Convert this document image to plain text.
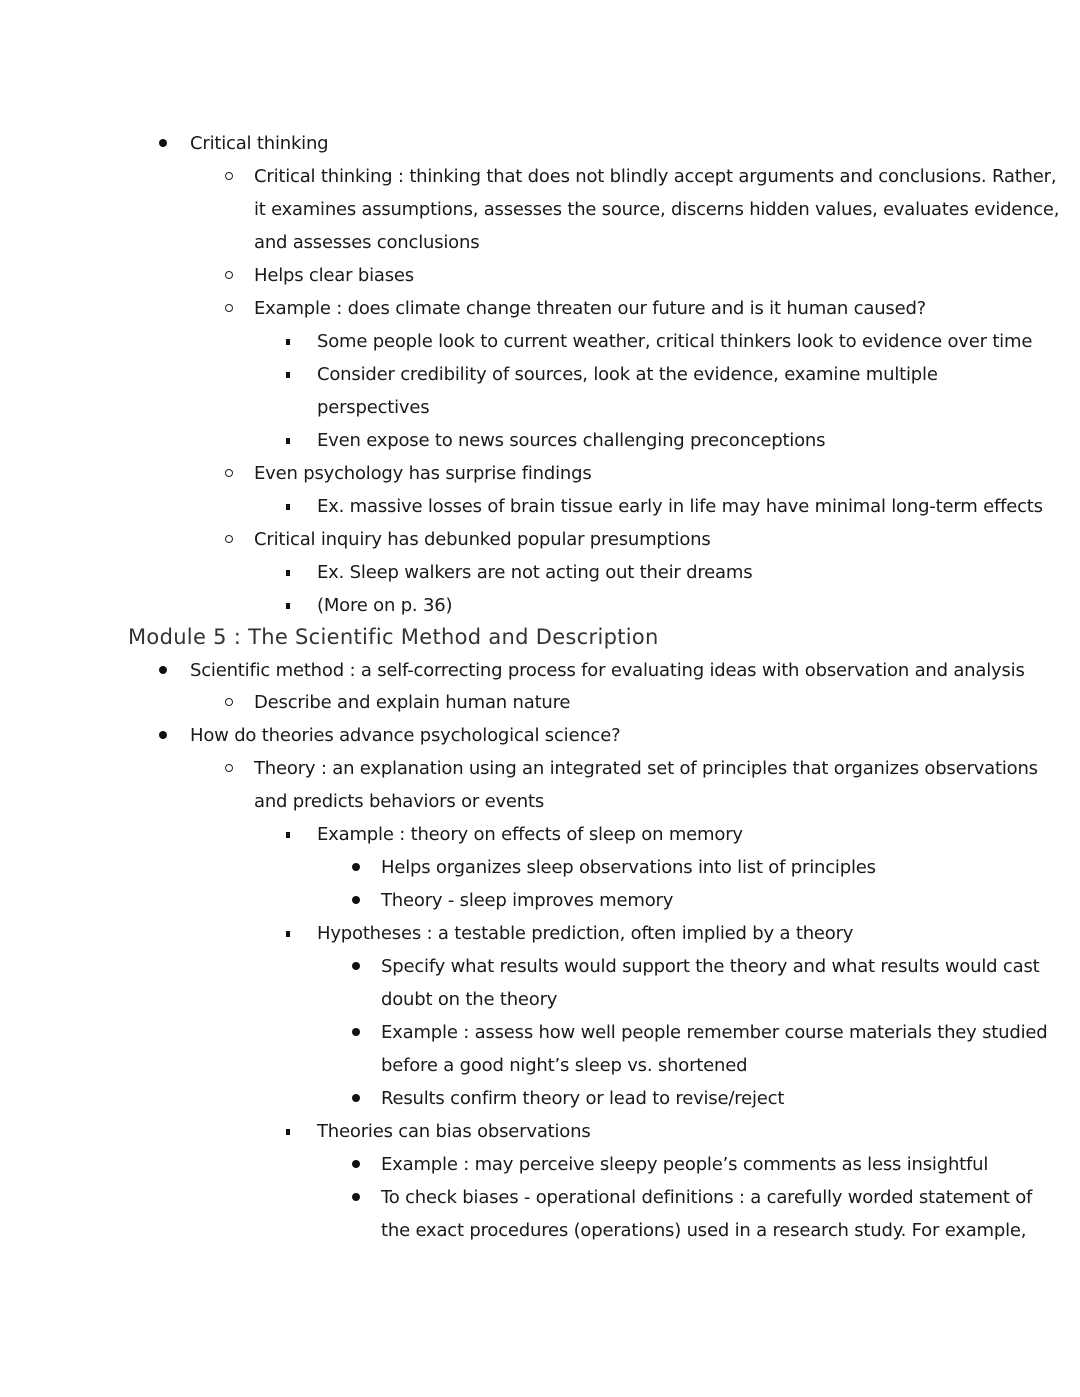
Critical thinking
Critical thinking : thinking that does not blindly accept arguments and conclusions. Rather,
it examines assumptions, assesses the source, discerns hidden values, evaluates evidence,
and assesses conclusions
Helps clear biases
Example : does climate change threaten our future and is it human caused?
Some people look to current weather, critical thinkers look to evidence over time
Consider credibility of sources, look at the evidence, examine multiple
perspectives
Even expose to news sources challenging preconceptions
Even psychology has surprise findings
Ex. massive losses of brain tissue early in life may have minimal long-term effects
Critical inquiry has debunked popular presumptions
Ex. Sleep walkers are not acting out their dreams
(More on p. 36)
Module 5 : The Scientific Method and Description
Scientific method : a self-correcting process for evaluating ideas with observation and analysis
Describe and explain human nature
How do theories advance psychological science?
Theory : an explanation using an integrated set of principles that organizes observations
and predicts behaviors or events
Example : theory on effects of sleep on memory
Helps organizes sleep observations into list of principles
Theory - sleep improves memory
Hypotheses : a testable prediction, often implied by a theory
Specify what results would support the theory and what results would cast
doubt on the theory
Example : assess how well people remember course materials they studied
before a good night’s sleep vs. shortened
Results confirm theory or lead to revise/reject
Theories can bias observations
Example : may perceive sleepy people’s comments as less insightful
To check biases - operational definitions : a carefully worded statement of
the exact procedures (operations) used in a research study. For example,
